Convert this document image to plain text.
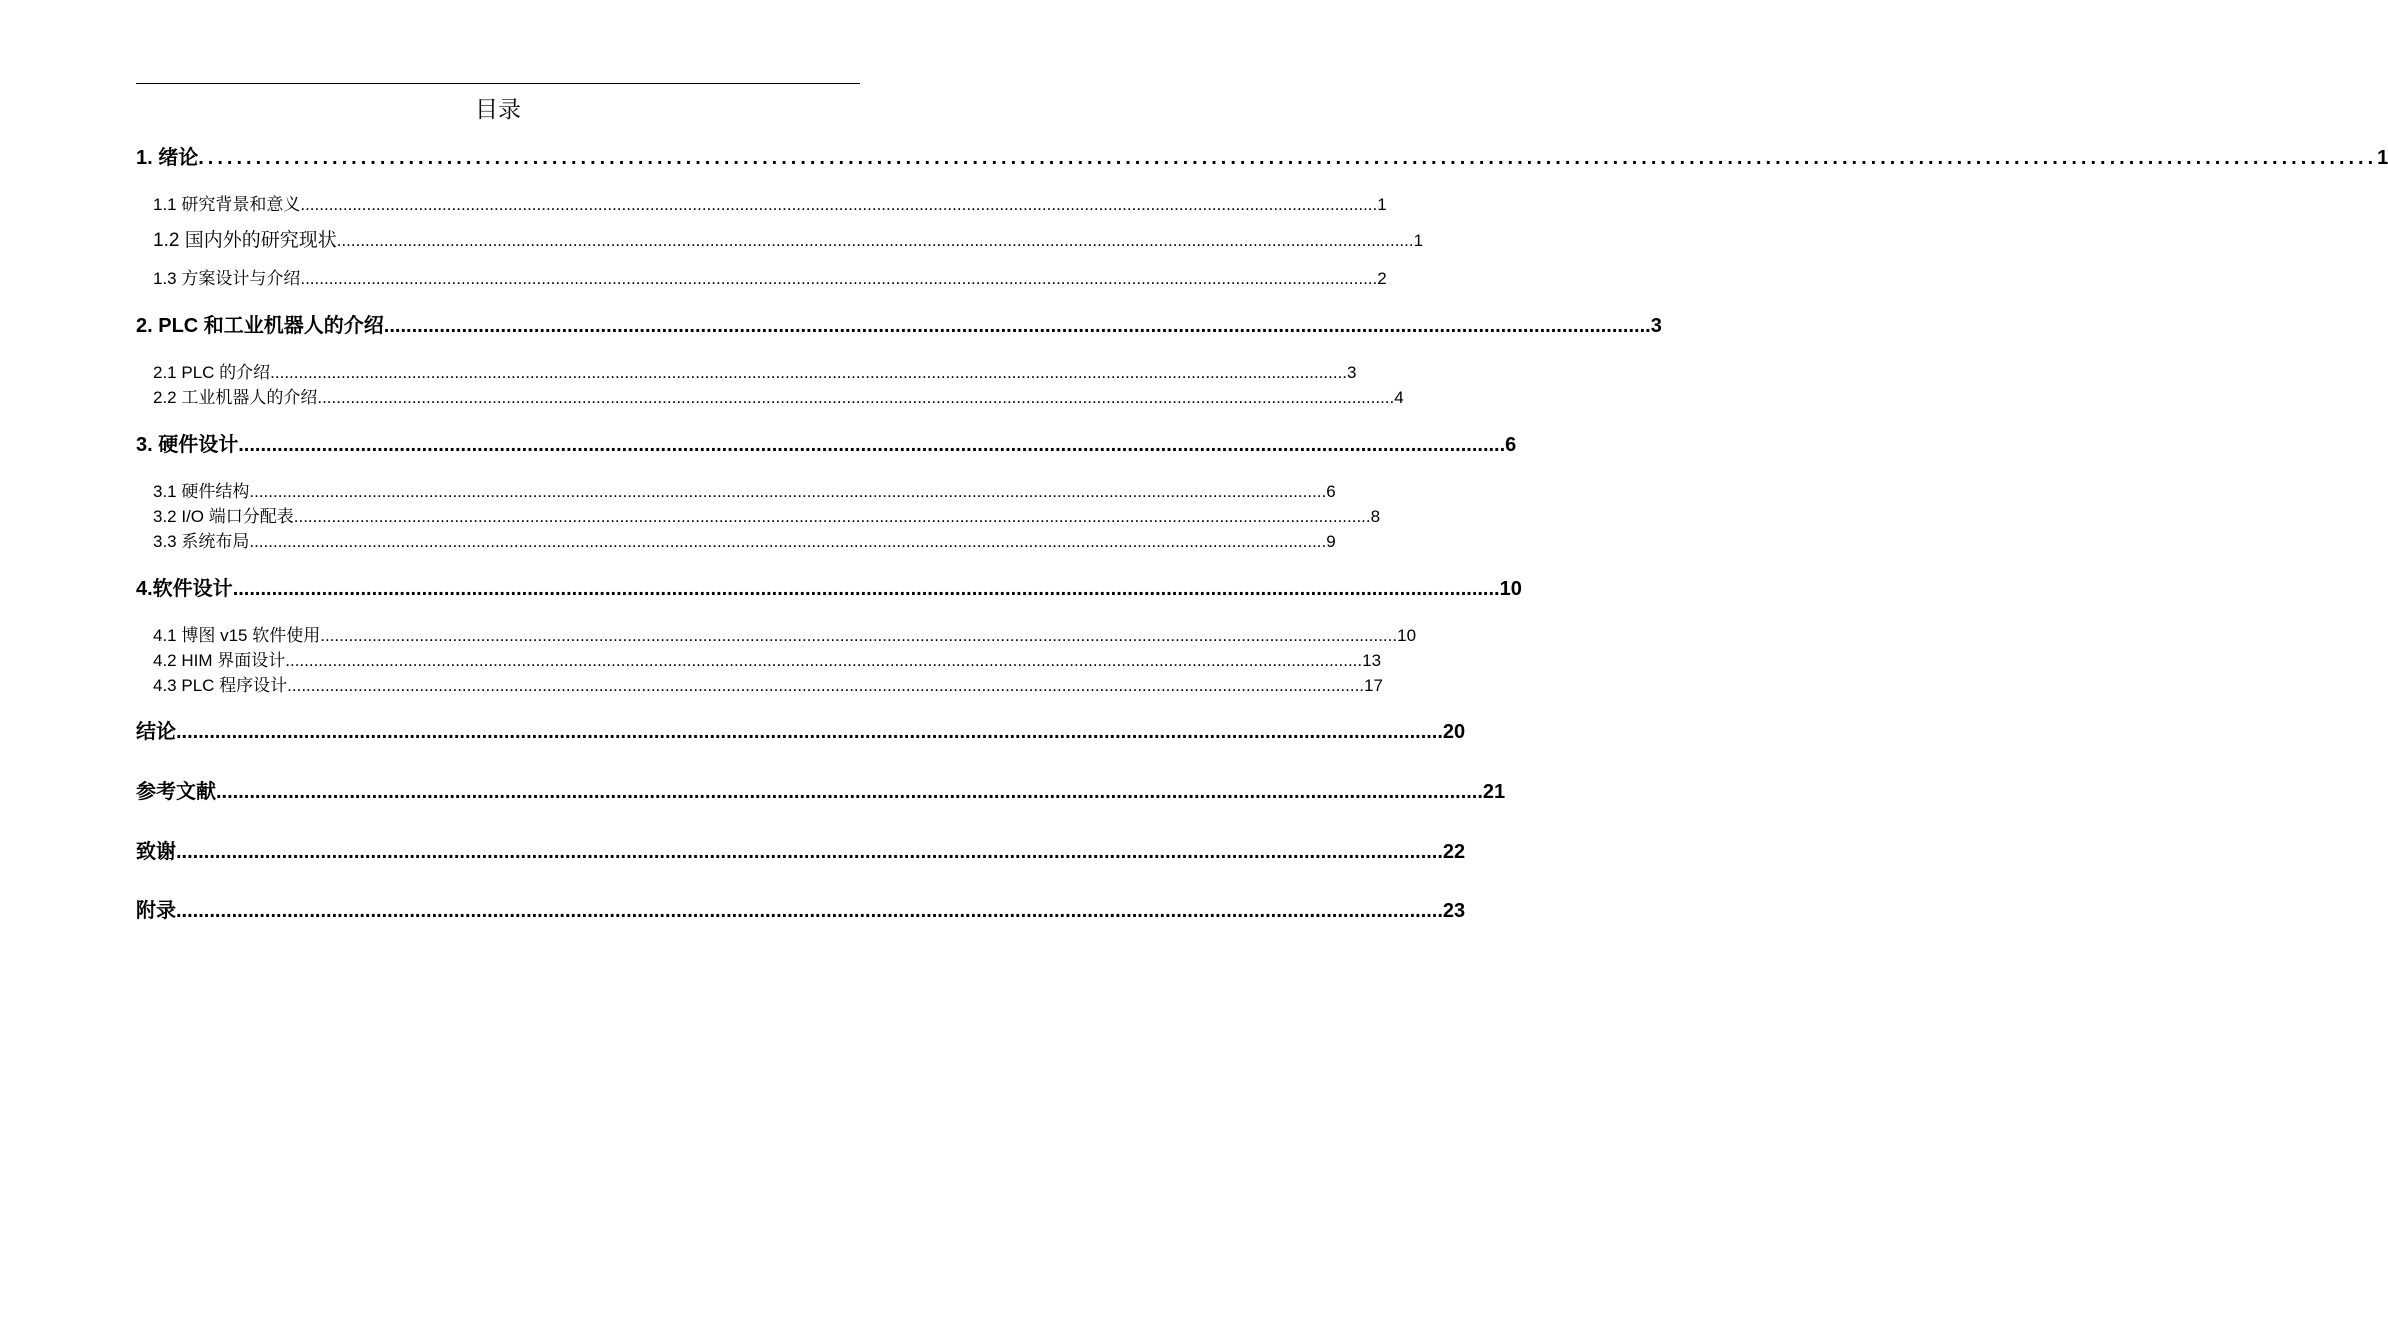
目录
1. 绪论 .................................................................................................................................................................................................................................... 1
1.1 研究背景和意义 .................................................................................................................................................................................................................................... 1
1.2 国内外的研究现状 .................................................................................................................................................................................................................................... 1
1.3 方案设计与介绍 .................................................................................................................................................................................................................................... 2
2. PLC 和工业机器人的介绍 .................................................................................................................................................................................................................................... 3
2.1 PLC 的介绍 .................................................................................................................................................................................................................................... 3
2.2 工业机器人的介绍 .................................................................................................................................................................................................................................... 4
3. 硬件设计 .................................................................................................................................................................................................................................... 6
3.1 硬件结构 .................................................................................................................................................................................................................................... 6
3.2 I/O 端口分配表 .................................................................................................................................................................................................................................... 8
3.3 系统布局 .................................................................................................................................................................................................................................... 9
4.软件设计 .................................................................................................................................................................................................................................... 10
4.1 博图 v15 软件使用 .................................................................................................................................................................................................................................... 10
4.2 HIM 界面设计 .................................................................................................................................................................................................................................... 13
4.3 PLC 程序设计 .................................................................................................................................................................................................................................... 17
结论 .................................................................................................................................................................................................................................... 20
参考文献 .................................................................................................................................................................................................................................... 21
致谢 .................................................................................................................................................................................................................................... 22
附录 .................................................................................................................................................................................................................................... 23
